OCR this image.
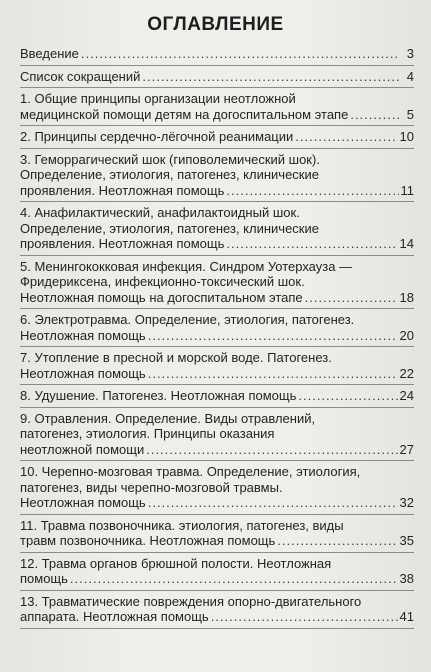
ОГЛАВЛЕНИЕ
Введение .....	3
Список сокращений .....	4
1. Общие принципы организации неотложной
медицинской помощи детям на догоспитальном этапе .....	5
2. Принципы сердечно-лёгочной реанимации .....	10
3. Геморрагический шок (гиповолемический шок).
Определение, этиология, патогенез, клинические
проявления. Неотложная помощь .....	11
4. Анафилактический, анафилактоидный шок.
Определение, этиология, патогенез, клинические
проявления. Неотложная помощь .....	14
5. Менингококковая инфекция. Синдром Уотерхауза —
Фридериксена, инфекционно-токсический шок.
Неотложная помощь на догоспитальном этапе .....	18
6. Электротравма. Определение, этиология, патогенез.
Неотложная помощь .....	20
7. Утопление в пресной и морской воде. Патогенез.
Неотложная помощь .....	22
8. Удушение. Патогенез. Неотложная помощь .....	24
9. Отравления. Определение. Виды отравлений,
патогенез, этиология. Принципы оказания
неотложной помощи .....	27
10. Черепно-мозговая травма. Определение, этиология,
патогенез, виды черепно-мозговой травмы.
Неотложная помощь .....	32
11. Травма позвоночника. этиология, патогенез, виды
травм позвоночника. Неотложная помощь .....	35
12. Травма органов брюшной полости. Неотложная
помощь .....	38
13. Травматические повреждения опорно-двигательного
аппарата. Неотложная помощь .....	41
